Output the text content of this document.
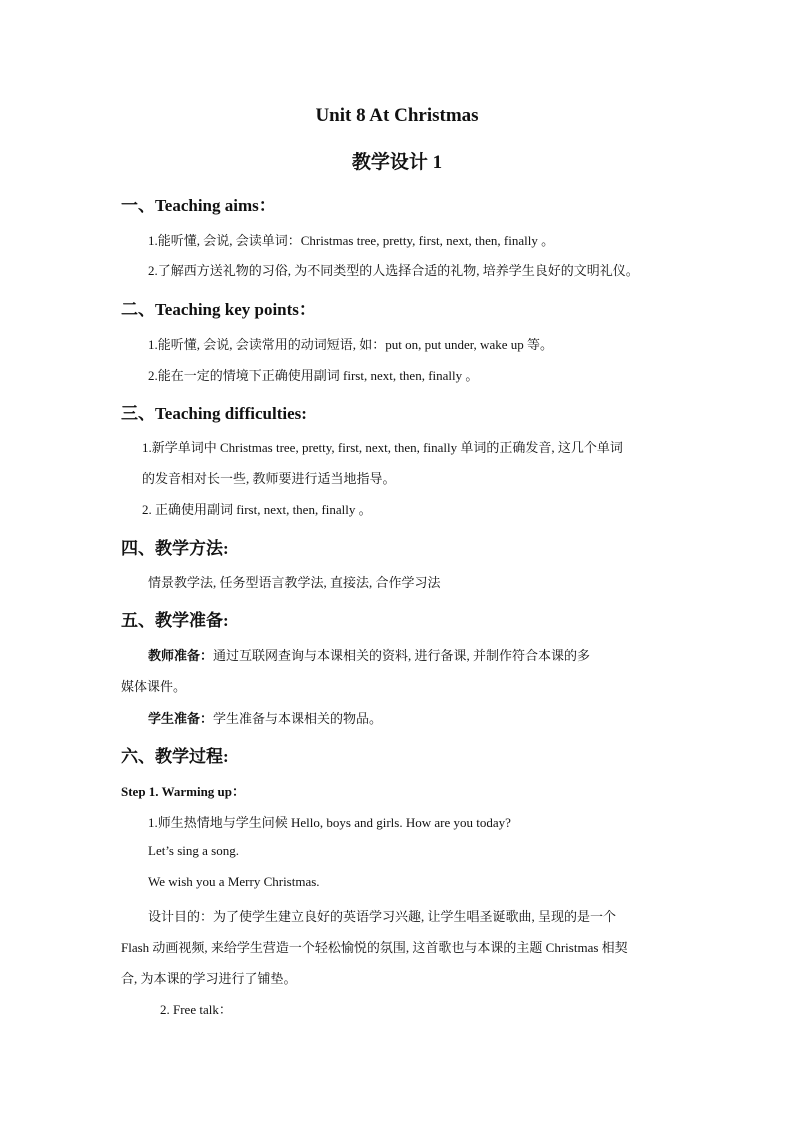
Unit 8 At Christmas
教学设计 1
一、Teaching aims：
1.能听懂, 会说, 会读单词：Christmas tree, pretty, first, next, then, finally 。
2.了解西方送礼物的习俗, 为不同类型的人选择合适的礼物, 培养学生良好的文明礼仪。
二、Teaching key points：
1.能听懂, 会说, 会读常用的动词短语, 如：put on, put under, wake up 等。
2.能在一定的情境下正确使用副词 first, next, then, finally 。
三、Teaching difficulties:
1.新学单词中 Christmas tree, pretty, first, next, then, finally 单词的正确发音, 这几个单词
的发音相对长一些, 教师要进行适当地指导。
2. 正确使用副词 first, next, then, finally 。
四、教学方法:
情景教学法, 任务型语言教学法, 直接法, 合作学习法
五、教学准备:
教师准备：通过互联网查询与本课相关的资料, 进行备课, 并制作符合本课的多
媒体课件。
学生准备：学生准备与本课相关的物品。
六、教学过程:
Step 1. Warming up：
1.师生热情地与学生问候 Hello, boys and girls. How are you today?
Let’s sing a song.
We wish you a Merry Christmas.
设计目的：为了使学生建立良好的英语学习兴趣, 让学生唱圣诞歌曲, 呈现的是一个
Flash 动画视频, 来给学生营造一个轻松愉悦的氛围, 这首歌也与本课的主题 Christmas 相契
合, 为本课的学习进行了铺垫。
2. Free talk：
